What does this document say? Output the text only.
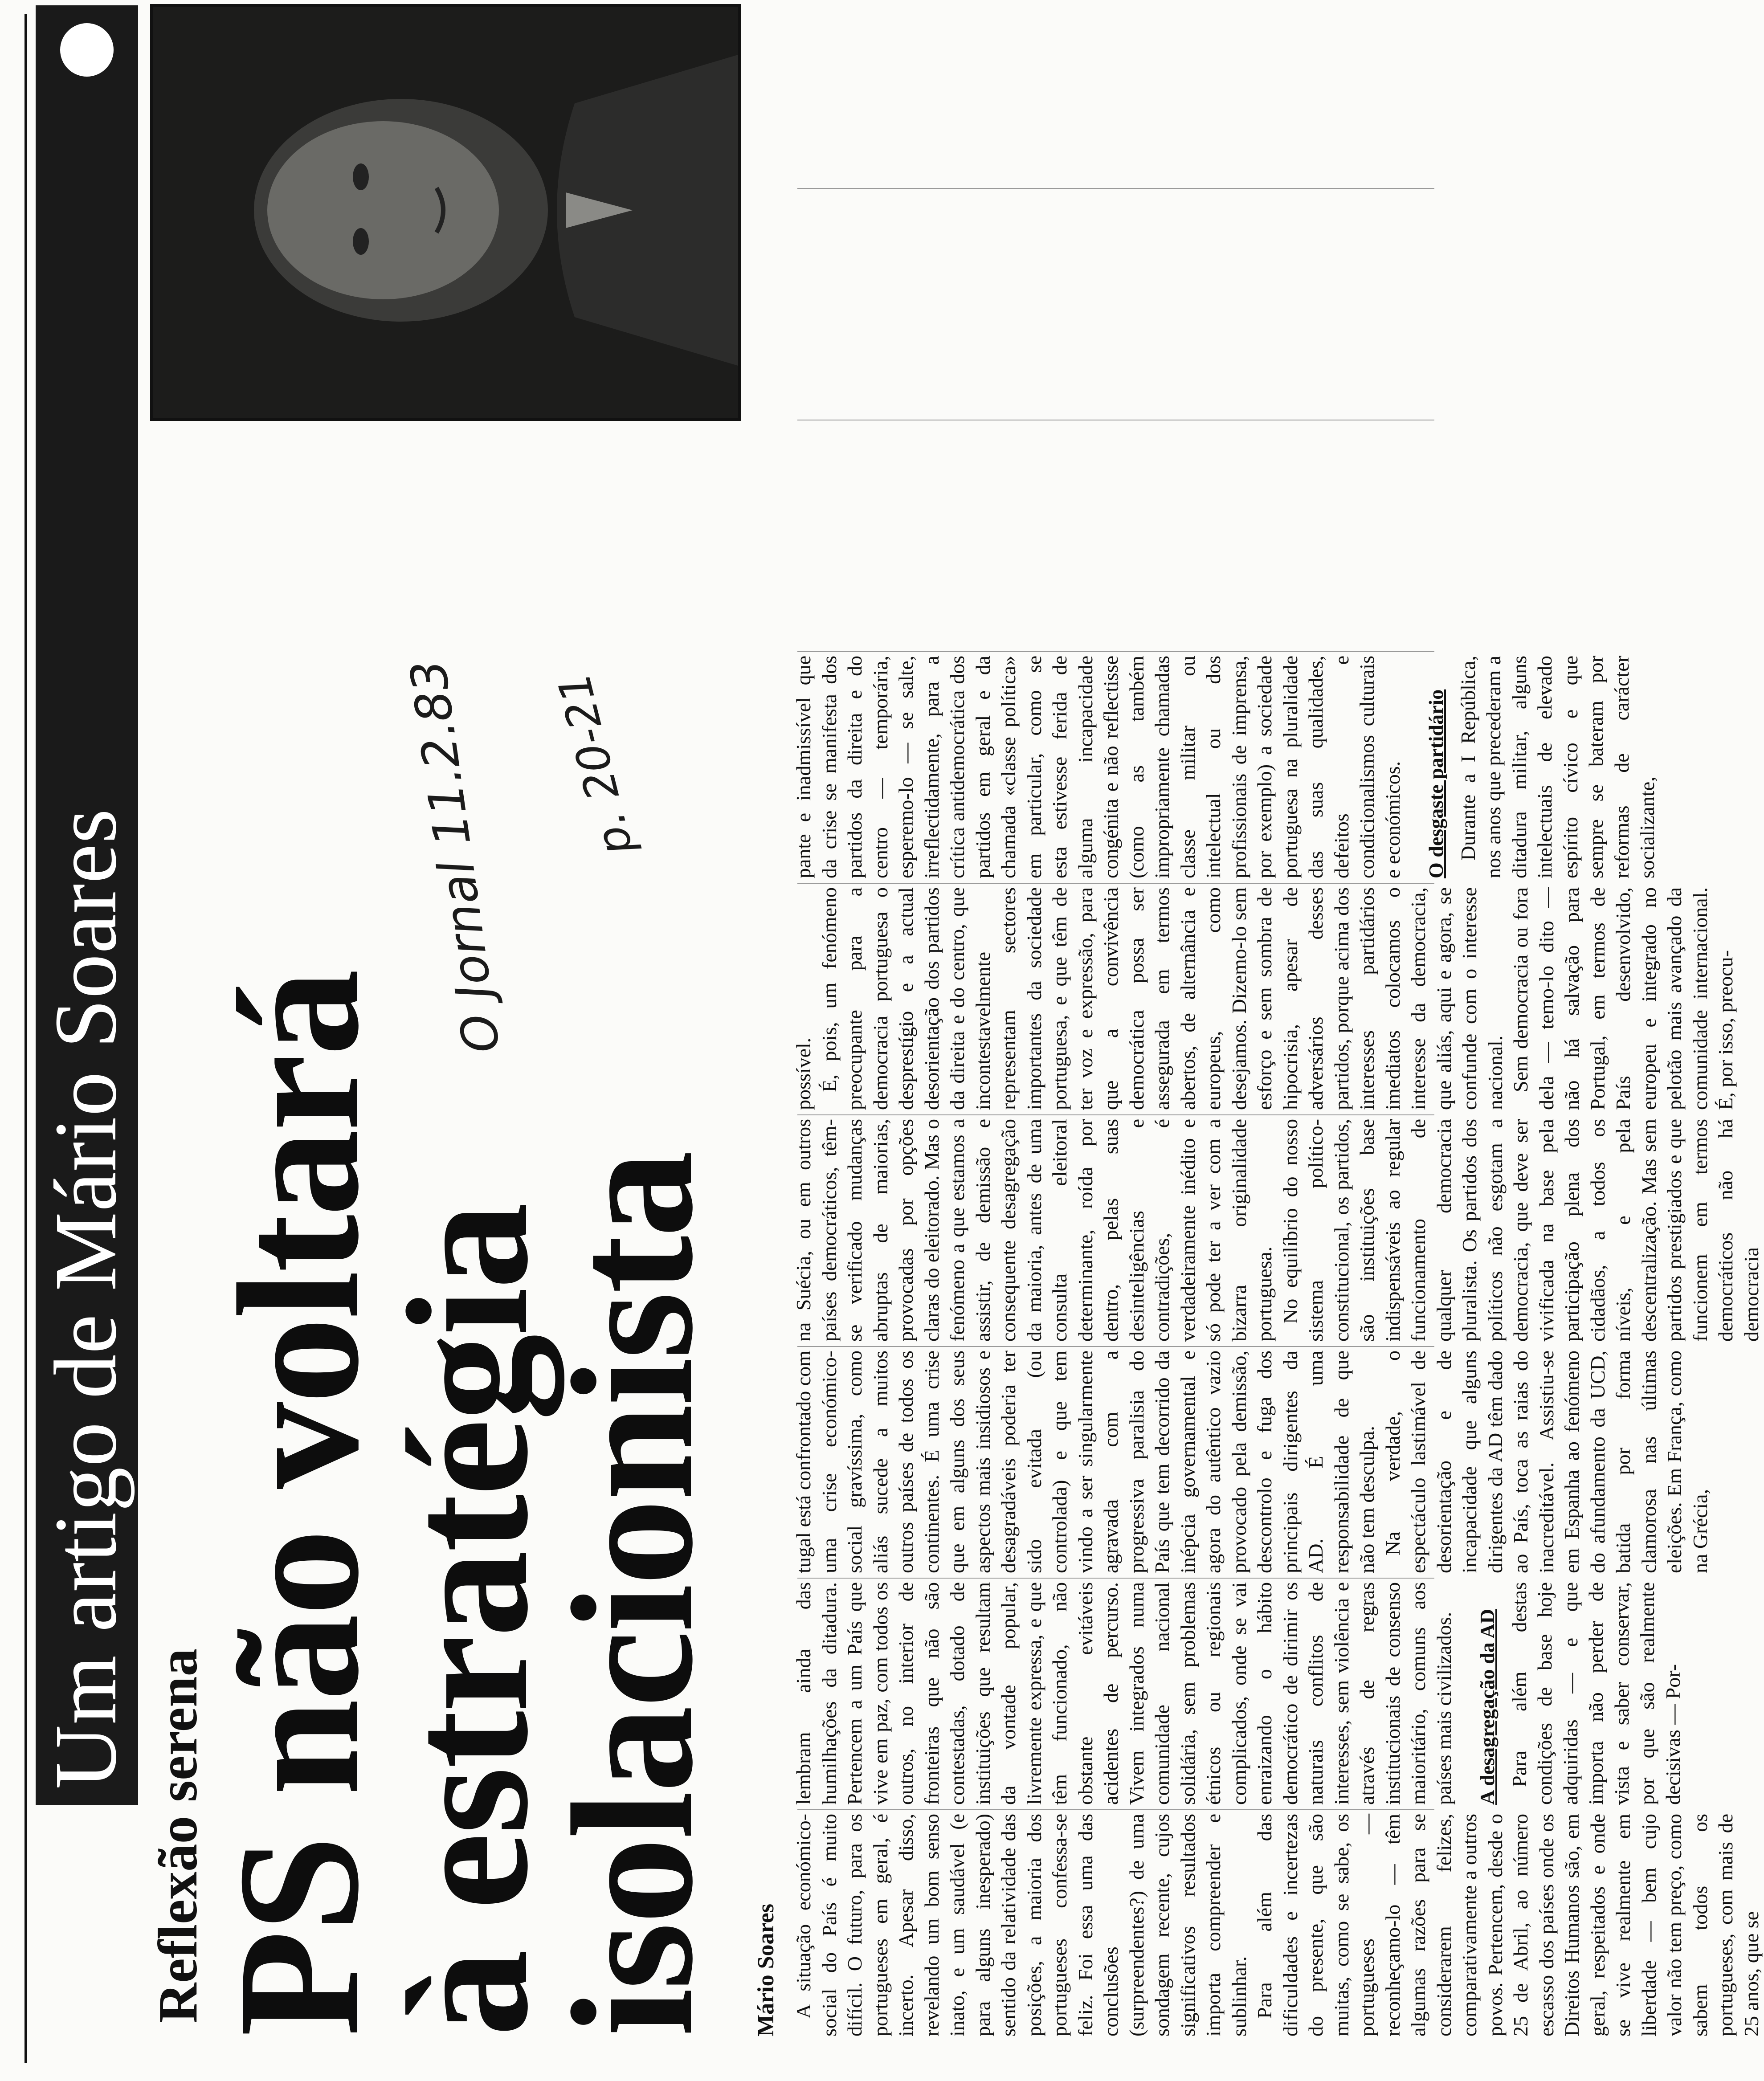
Um artigo de Mário Soares
Reflexão serena
PS não voltará
à estratégia
isolacionista
O Jornal 11.2.83 p. 20-21
Mário Soares A situação económico-social do País é muito difícil. O futuro, para os portugueses em geral, é incerto. Apesar disso, revelando um bom senso inato, e um saudável (e para alguns inesperado) sentido da relatividade das posições, a maioria dos portugueses confessa-se feliz. Foi essa uma das conclusões (surpreendentes?) de uma sondagem recente, cujos significativos resultados importa compreender e sublinhar. Para além das dificuldades e incertezas do presente, que são muitas, como se sabe, os portugueses — reconheçamo-lo — têm algumas razões para se considerarem felizes, comparativamente a outros povos. Pertencem, desde o 25 de Abril, ao número escasso dos países onde os Direitos Humanos são, em geral, respeitados e onde se vive realmente em liberdade — bem cujo valor não tem preço, como sabem todos os portugueses, com mais de 25 anos, que se

lembram ainda das humilhações da ditadura. Pertencem a um País que vive em paz, com todos os outros, no interior de fronteiras que não são contestadas, dotado de instituições que resultam da vontade popular, livremente expressa, e que têm funcionado, não obstante evitáveis acidentes de percurso. Vivem integrados numa comunidade nacional solidária, sem problemas étnicos ou regionais complicados, onde se vai enraizando o hábito democrático de dirimir os naturais conflitos de interesses, sem violência e através de regras institucionais de consenso maioritário, comuns aos países mais civilizados. A desagregação da AD Para além destas condições de base hoje adquiridas — e que importa não perder de vista e saber conservar, por que são realmente decisivas — Por-

tugal está confrontado com uma crise económico-social gravíssima, como aliás sucede a muitos outros países de todos os continentes. É uma crise que em alguns dos seus aspectos mais insidiosos e desagradáveis poderia ter sido evitada (ou controlada) e que tem vindo a ser singularmente agravada com a progressiva paralisia do País que tem decorrido da inépcia governamental e agora do autêntico vazio provocado pela demissão, descontrolo e fuga dos principais dirigentes da AD. É uma responsabilidade de que não tem desculpa. Na verdade, o espectáculo lastimável de desorientação e de incapacidade que alguns dirigentes da AD têm dado ao País, toca as raias do inacreditável. Assistiu-se em Espanha ao fenómeno do afundamento da UCD, batida por forma clamorosa nas últimas eleições. Em França, como na Grécia,

na Suécia, ou em outros países democráticos, têm-se verificado mudanças abruptas de maiorias, provocadas por opções claras do eleitorado. Mas o fenómeno a que estamos a assistir, de demissão e consequente desagregação da maioria, antes de uma consulta eleitoral determinante, roída por dentro, pelas suas desinteligências e contradições, é verdadeiramente inédito e só pode ter a ver com a bizarra originalidade portuguesa. No equilíbrio do nosso sistema político-constitucional, os partidos, são instituições base indispensáveis ao regular funcionamento de qualquer democracia pluralista. Os partidos dos políticos não esgotam a democracia, que deve ser vivificada na base pela participação plena dos cidadãos, a todos os níveis, e pela descentralização. Mas sem partidos prestigiados e que funcionem em termos democráticos não há democracia

possível. É, pois, um fenómeno preocupante para a democracia portuguesa o desprestígio e a actual desorientação dos partidos da direita e do centro, que incontestavelmente representam sectores importantes da sociedade portuguesa, e que têm de ter voz e expressão, para que a convivência democrática possa ser assegurada em termos abertos, de alternância e europeus, como desejamos. Dizemo-lo sem esforço e sem sombra de hipocrisia, apesar de adversários desses partidos, porque acima dos interesses partidários imediatos colocamos o interesse da democracia, que aliás, aqui e agora, se confunde com o interesse nacional. Sem democracia ou fora dela — temo-lo dito — não há salvação para Portugal, em termos de País desenvolvido, europeu e integrado no pelotão mais avançado da comunidade internacional. É, por isso, preocu-

pante e inadmissível que da crise se manifesta dos partidos da direita e do centro — temporária, esperemo-lo — se salte, irreflectidamente, para a crítica antidemocrática dos partidos em geral e da chamada «classe política» em particular, como se esta estivesse ferida de alguma incapacidade congénita e não reflectisse (como as também impropriamente chamadas classe militar ou intelectual ou dos profissionais de imprensa, por exemplo) a sociedade portuguesa na pluralidade das suas qualidades, defeitos e condicionalismos culturais e económicos. O desgaste partidário Durante a I República, nos anos que precederam a ditadura militar, alguns intelectuais de elevado espírito cívico e que sempre se bateram por reformas de carácter socializante,
